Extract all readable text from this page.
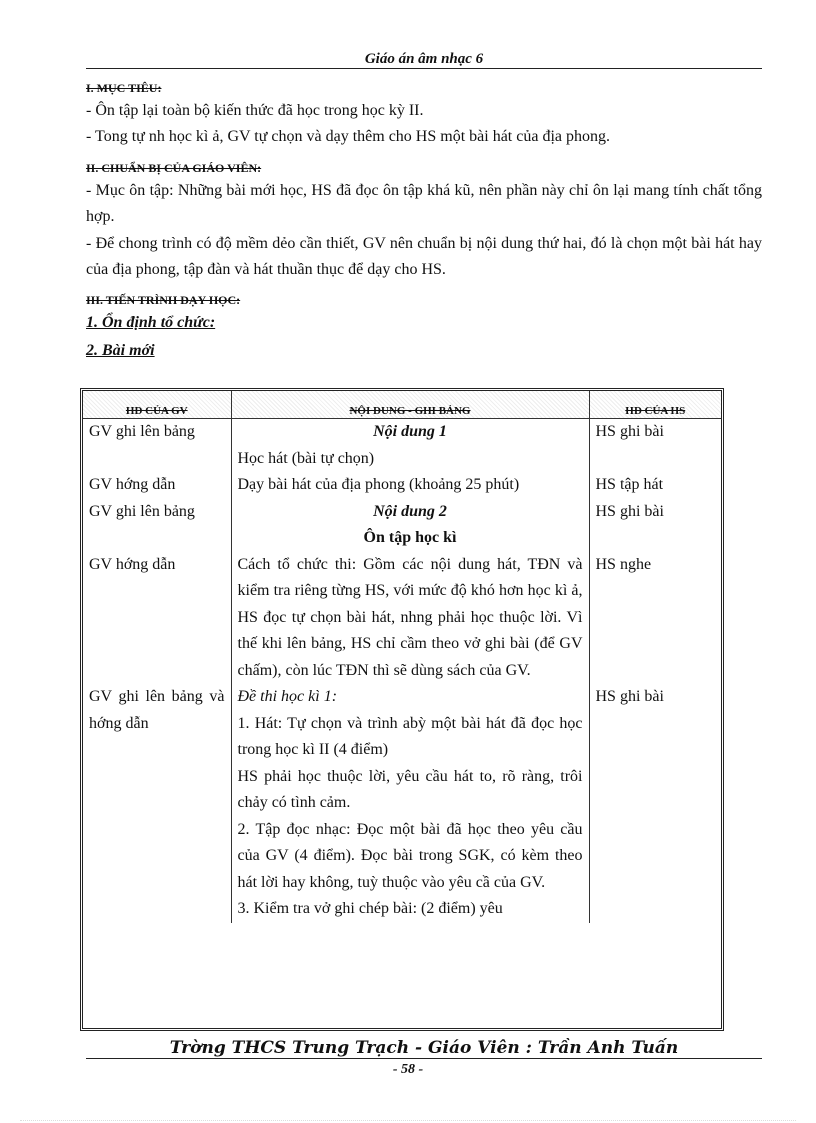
Giáo án âm nhạc 6
I. MỤC TIÊU:
- Ôn tập lại toàn bộ kiến thức đã học trong học kỳ II.
- Tong tự nh học kì ả, GV tự chọn và dạy thêm cho HS một bài hát của địa phong.
II. CHUẨN BỊ CỦA GIÁO VIÊN:
- Mục ôn tập: Những bài mới học, HS đã đọc ôn tập khá kũ, nên phần này chỉ ôn lại mang tính chất tổng hợp.
- Để chong trình có độ mềm dẻo cần thiết, GV nên chuẩn bị nội dung thứ hai, đó là chọn một bài hát hay của địa phong, tập đàn và hát thuần thục để dạy cho HS.
III. TIẾN TRÌNH DẠY HỌC:
1. Ổn định tổ chức:
2. Bài mới
HĐ CỦA GV	NỘI DUNG - GHI BẢNG	HĐ CỦA HS
GV ghi lên bảng	Nội dung 1	HS ghi bài
	Học hát (bài tự chọn)	
GV hớng dẫn	Dạy bài hát của địa phong (khoảng 25 phút)	HS tập hát
GV ghi lên bảng	Nội dung 2	HS ghi bài
	Ôn tập học kì	
GV hớng dẫn	Cách tổ chức thi: Gồm các nội dung hát, TĐN và kiểm tra riêng từng HS, với mức độ khó hơn học kì ả, HS đọc tự chọn bài hát, nhng phải học thuộc lời. Vì thế khi lên bảng, HS chỉ cầm theo vở ghi bài (để GV chấm), còn lúc TĐN thì sẽ dùng sách của GV.	HS nghe
GV ghi lên bảng và hớng dẫn	Đề thi học kì 1:	HS ghi bài
	1. Hát: Tự chọn và trình abỳ một bài hát đã đọc học trong học kì II (4 điểm)	
	HS phải học thuộc lời, yêu cầu hát to, rõ ràng, trôi chảy có tình cảm.	
	2. Tập đọc nhạc: Đọc một bài đã học theo yêu cầu của GV (4 điểm). Đọc bài trong SGK, có kèm theo hát lời hay không, tuỳ thuộc vào yêu cầ của GV.	
	3. Kiểm tra vở ghi chép bài: (2 điểm) yêu	
Trờng THCS Trung Trạch - Giáo Viên : Trần Anh Tuấn
- 58 -
